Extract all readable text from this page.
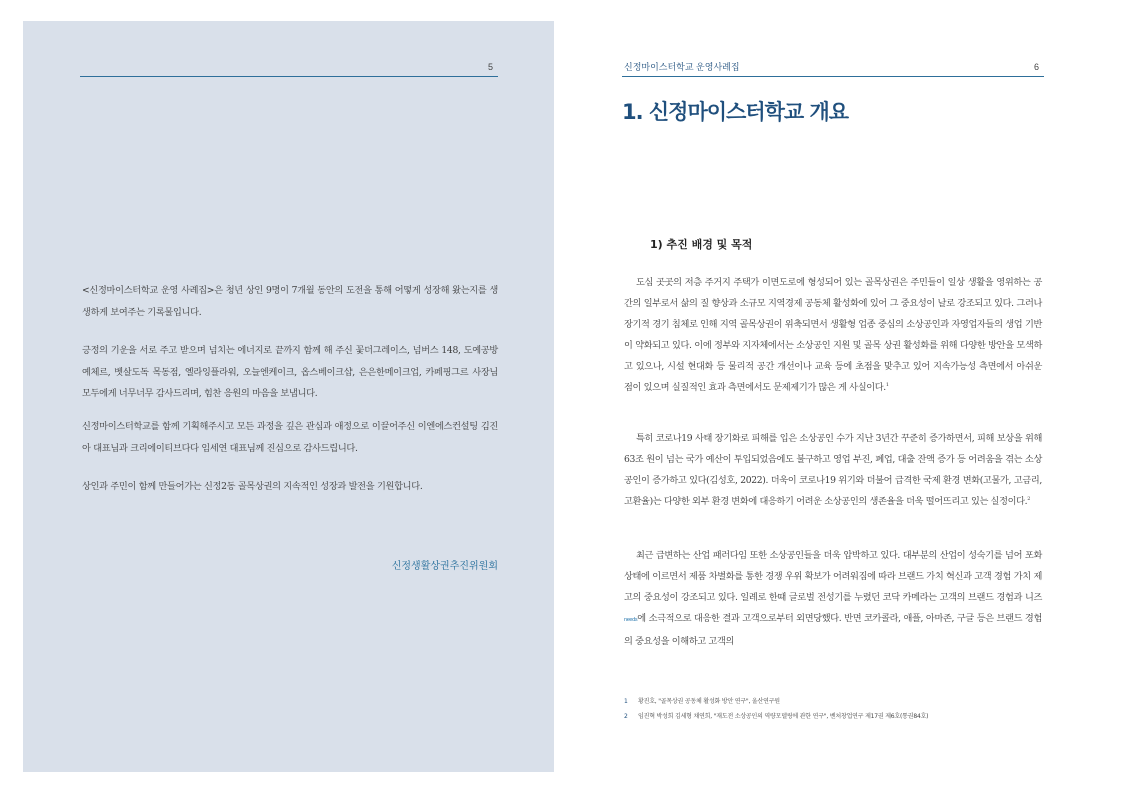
5

<신정마이스터학교 운영 사례집>은 청년 상인 9명이 7개월 동안의 도전을 통해 어떻게 성장해 왔는지를 생생하게 보여주는 기록물입니다.

긍정의 기운을 서로 주고 받으며 넘치는 에너지로 끝까지 함께 해 주신 꽃더그레이스, 넘버스 148, 도예공방예체르, 벳살도독 목동점, 옐라잉플라워, 오늘엔케이크, 옵스베이크샵, 은은한메이크업, 카페핑그르 사장님 모두에게 너무너무 감사드리며, 힘찬 응원의 마음을 보냅니다.

신정마이스터학교를 함께 기획해주시고 모든 과정을 깊은 관심과 애정으로 이끌어주신 이엔에스컨설팅 김진아 대표님과 크리에이티브다다 임세연 대표님께 진심으로 감사드립니다.

상인과 주민이 함께 만들어가는 신정2동 골목상권의 지속적인 성장과 발전을 기원합니다.

신정생활상권추진위원회
신정마이스터학교 운영사례집	6
1. 신정마이스터학교 개요
1) 추진 배경 및 목적

도심 곳곳의 저층 주거지 주택가 이면도로에 형성되어 있는 골목상권은 주민들이 일상 생활을 영위하는 공간의 일부로서 삶의 질 향상과 소규모 지역경제 공동체 활성화에 있어 그 중요성이 날로 강조되고 있다. 그러나 장기적 경기 침체로 인해 지역 골목상권이 위축되면서 생활형 업종 중심의 소상공인과 자영업자들의 생업 기반이 약화되고 있다. 이에 정부와 지자체에서는 소상공인 지원 및 골목 상권 활성화를 위해 다양한 방안을 모색하고 있으나, 시설 현대화 등 물리적 공간 개선이나 교육 등에 초점을 맞추고 있어 지속가능성 측면에서 아쉬운 점이 있으며 실질적인 효과 측면에서도 문제제기가 많은 게 사실이다.$^1$

특히 코로나19 사태 장기화로 피해를 입은 소상공인 수가 지난 3년간 꾸준히 증가하면서, 피해 보상을 위해 63조 원이 넘는 국가 예산이 투입되었음에도 불구하고 영업 부진, 폐업, 대출 잔액 증가 등 어려움을 겪는 소상공인이 증가하고 있다(김성호, 2022). 더욱이 코로나19 위기와 더불어 급격한 국제 환경 변화(고물가, 고금리, 고환율)는 다양한 외부 환경 변화에 대응하기 어려운 소상공인의 생존율을 더욱 떨어뜨리고 있는 실정이다.$^2$

최근 급변하는 산업 패러다임 또한 소상공인들을 더욱 압박하고 있다. 대부분의 산업이 성숙기를 넘어 포화 상태에 이르면서 제품 차별화를 통한 경쟁 우위 확보가 어려워짐에 따라 브랜드 가치 혁신과 고객 경험 가치 제고의 중요성이 강조되고 있다. 일례로 한때 글로벌 전성기를 누렸던 코닥 카메라는 고객의 브랜드 경험과 니즈needs에 소극적으로 대응한 결과 고객으로부터 외면당했다. 반면 코카콜라, 애플, 아마존, 구글 등은 브랜드 경험의 중요성을 이해하고 고객의

1 황진호, "골목상권 공동체 활성화 방안 연구", 울산연구원
2 임진혁 박성희 김세형 채연희, "재도전 소상공인의 역량모델링에 관한 연구", 벤처창업연구 제17권 제6호(통권84호)
